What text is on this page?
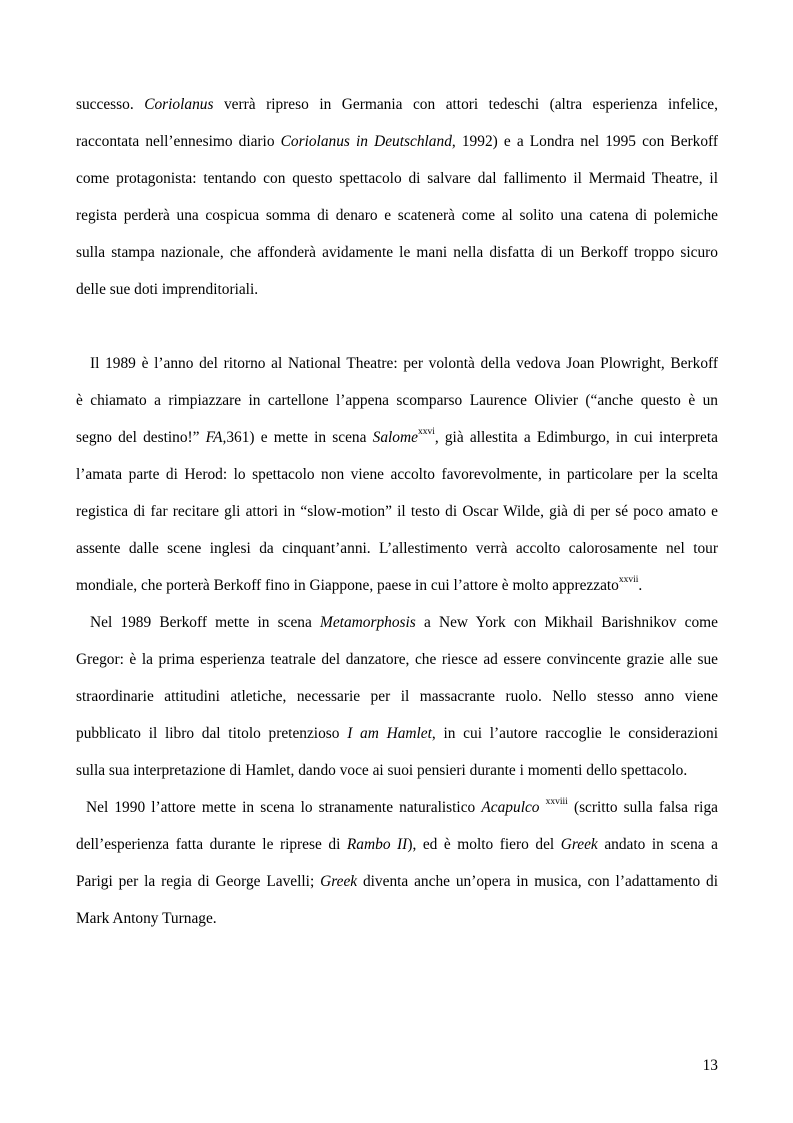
successo. Coriolanus verrà ripreso in Germania con attori tedeschi (altra esperienza infelice,
raccontata nell’ennesimo diario Coriolanus in Deutschland, 1992) e a Londra nel 1995 con Berkoff
come protagonista: tentando con questo spettacolo di salvare dal fallimento il Mermaid Theatre, il
regista perderà una cospicua somma di denaro e scatenerà come al solito una catena di polemiche
sulla stampa nazionale, che affonderà avidamente le mani nella disfatta di un Berkoff troppo sicuro
delle sue doti imprenditoriali.
Il 1989 è l’anno del ritorno al National Theatre: per volontà della vedova Joan Plowright, Berkoff
è chiamato a rimpiazzare in cartellone l’appena scomparso Laurence Olivier (“anche questo è un
segno del destino!” FA,361) e mette in scena Salome$^{xxvi}$, già allestita a Edimburgo, in cui interpreta
l’amata parte di Herod: lo spettacolo non viene accolto favorevolmente, in particolare per la scelta
registica di far recitare gli attori in “slow-motion” il testo di Oscar Wilde, già di per sé poco amato e
assente dalle scene inglesi da cinquant’anni. L’allestimento verrà accolto calorosamente nel tour
mondiale, che porterà Berkoff fino in Giappone, paese in cui l’attore è molto apprezzato$^{xxvii}$.
Nel 1989 Berkoff mette in scena Metamorphosis a New York con Mikhail Barishnikov come
Gregor: è la prima esperienza teatrale del danzatore, che riesce ad essere convincente grazie alle sue
straordinarie attitudini atletiche, necessarie per il massacrante ruolo. Nello stesso anno viene
pubblicato il libro dal titolo pretenzioso I am Hamlet, in cui l’autore raccoglie le considerazioni
sulla sua interpretazione di Hamlet, dando voce ai suoi pensieri durante i momenti dello spettacolo.
Nel 1990 l’attore mette in scena lo stranamente naturalistico Acapulco $^{xxviii}$ (scritto sulla falsa riga
dell’esperienza fatta durante le riprese di Rambo II), ed è molto fiero del Greek andato in scena a
Parigi per la regia di George Lavelli; Greek diventa anche un’opera in musica, con l’adattamento di
Mark Antony Turnage.
13
